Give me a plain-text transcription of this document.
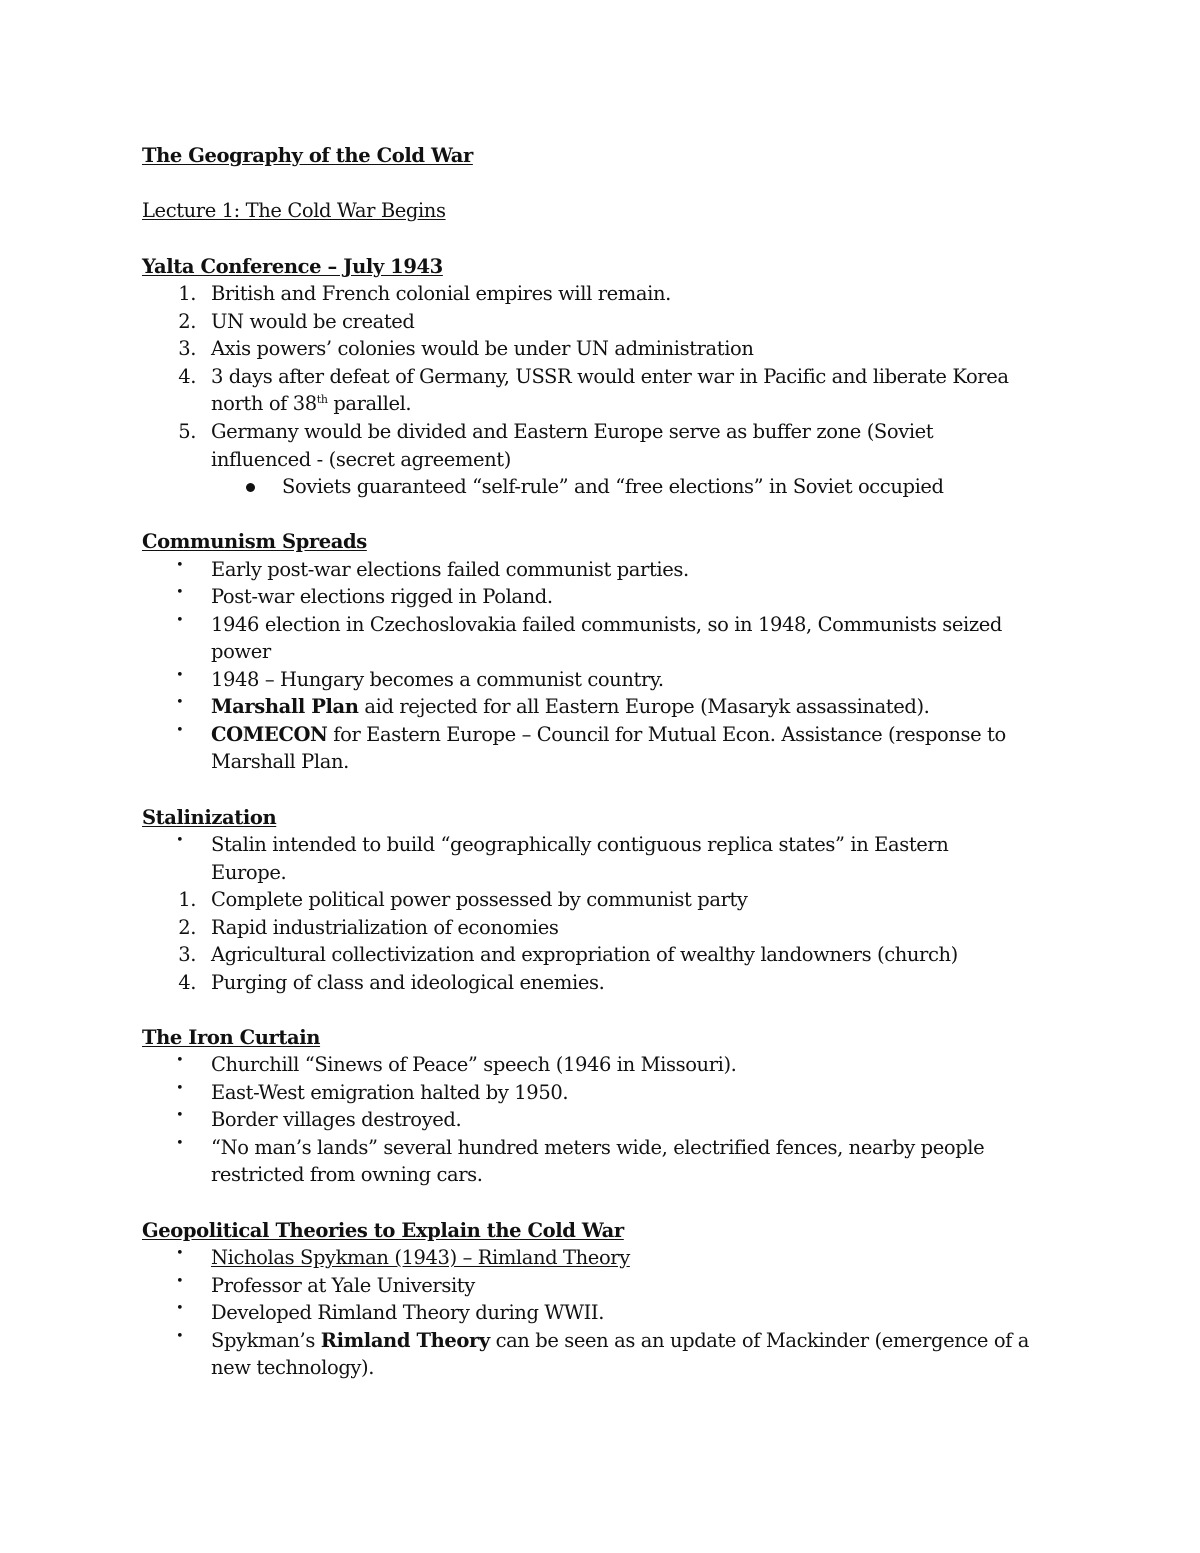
The Geography of the Cold War
Lecture 1: The Cold War Begins
Yalta Conference – July 1943
1. British and French colonial empires will remain.
2. UN would be created
3. Axis powers’ colonies would be under UN administration
4. 3 days after defeat of Germany, USSR would enter war in Pacific and liberate Korea
north of 38th parallel.
5. Germany would be divided and Eastern Europe serve as buffer zone (Soviet
influenced - (secret agreement)
Soviets guaranteed “self-rule” and “free elections” in Soviet occupied
Communism Spreads
• Early post-war elections failed communist parties.
• Post-war elections rigged in Poland.
• 1946 election in Czechoslovakia failed communists, so in 1948, Communists seized
power
• 1948 – Hungary becomes a communist country.
• Marshall Plan aid rejected for all Eastern Europe (Masaryk assassinated).
• COMECON for Eastern Europe – Council for Mutual Econ. Assistance (response to
Marshall Plan.
Stalinization
• Stalin intended to build “geographically contiguous replica states” in Eastern
Europe.
1. Complete political power possessed by communist party
2. Rapid industrialization of economies
3. Agricultural collectivization and expropriation of wealthy landowners (church)
4. Purging of class and ideological enemies.
The Iron Curtain
• Churchill “Sinews of Peace” speech (1946 in Missouri).
• East-West emigration halted by 1950.
• Border villages destroyed.
• “No man’s lands” several hundred meters wide, electrified fences, nearby people
restricted from owning cars.
Geopolitical Theories to Explain the Cold War
• Nicholas Spykman (1943) – Rimland Theory
• Professor at Yale University
• Developed Rimland Theory during WWII.
• Spykman’s Rimland Theory can be seen as an update of Mackinder (emergence of a
new technology).
